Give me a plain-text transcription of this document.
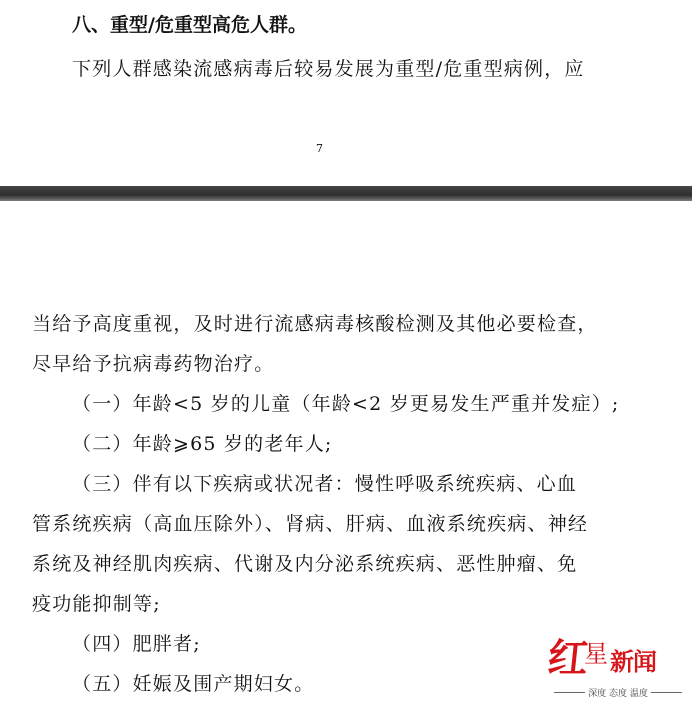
八、重型/危重型高危人群。
下列人群感染流感病毒后较易发展为重型/危重型病例，应
7
当给予高度重视，及时进行流感病毒核酸检测及其他必要检查，
尽早给予抗病毒药物治疗。
（一）年龄<5 岁的儿童（年龄<2 岁更易发生严重并发症）;
（二）年龄⩾65 岁的老年人;
（三）伴有以下疾病或状况者：慢性呼吸系统疾病、心血
管系统疾病（高血压除外）、肾病、肝病、血液系统疾病、神经
系统及神经肌肉疾病、代谢及内分泌系统疾病、恶性肿瘤、免
疫功能抑制等;
（四）肥胖者;
（五）妊娠及围产期妇女。
红
星 新闻
深度 态度 温度
